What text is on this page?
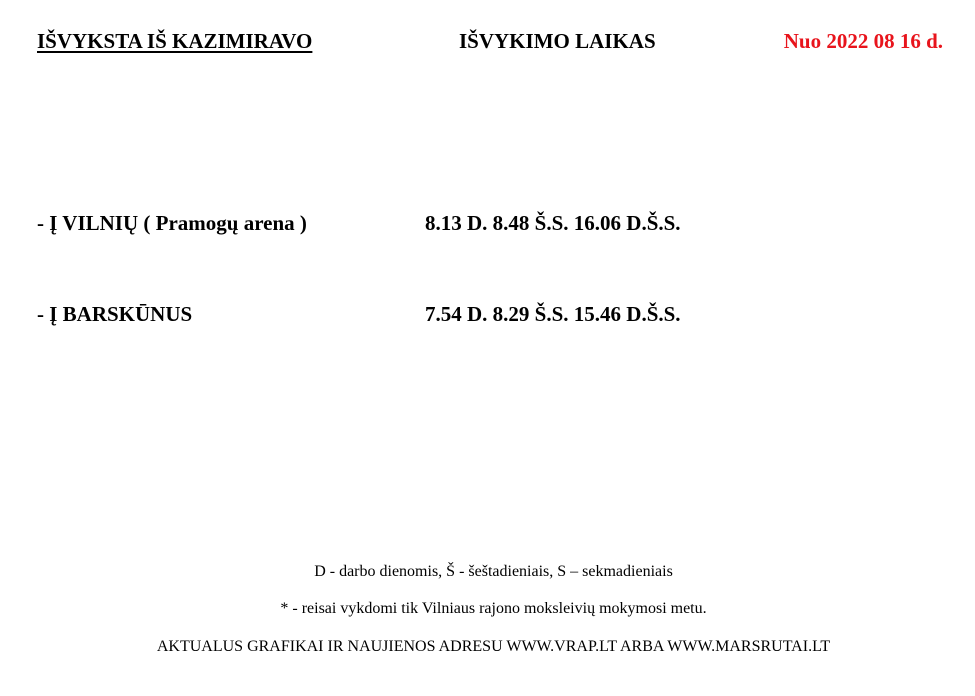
IŠVYKSTA IŠ KAZIMIRAVO	IŠVYKIMO LAIKAS	Nuo 2022 08 16 d.
- Į VILNIŲ ( Pramogų arena )	8.13 D. 8.48 Š.S. 16.06 D.Š.S.
- Į BARSKŪNUS	7.54 D. 8.29 Š.S. 15.46 D.Š.S.
D - darbo dienomis, Š - šeštadieniais, S – sekmadieniais
* - reisai vykdomi tik Vilniaus rajono moksleivių mokymosi metu.
AKTUALUS GRAFIKAI IR NAUJIENOS ADRESU WWW.VRAP.LT ARBA WWW.MARSRUTAI.LT
